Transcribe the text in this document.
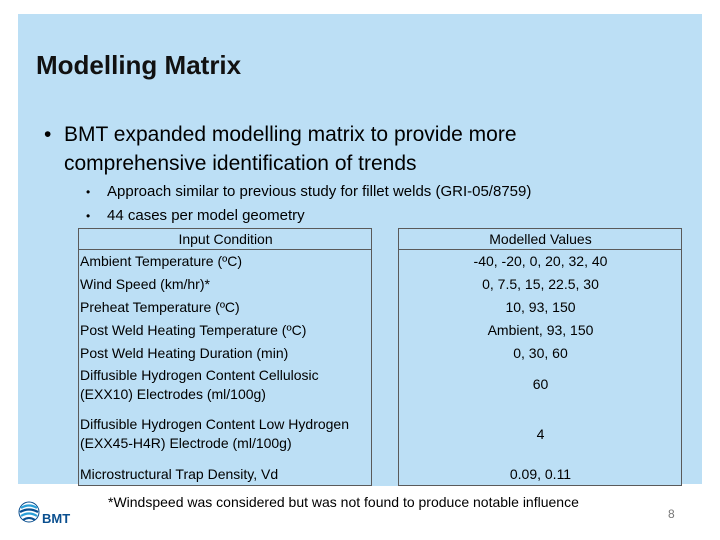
Modelling Matrix
• BMT expanded modelling matrix to provide more comprehensive identification of trends
• Approach similar to previous study for fillet welds (GRI-05/8759)
• 44 cases per model geometry
Input Condition		Modelled Values
Ambient Temperature (ºC)		-40, -20, 0, 20, 32, 40
Wind Speed (km/hr)*		0, 7.5, 15, 22.5, 30
Preheat Temperature (ºC)		10, 93, 150
Post Weld Heating Temperature (ºC)		Ambient, 93, 150
Post Weld Heating Duration (min)		0, 30, 60
Diffusible Hydrogen Content Cellulosic (EXX10) Electrodes (ml/100g)		60
Diffusible Hydrogen Content Low Hydrogen (EXX45-H4R) Electrode (ml/100g)		4
Microstructural Trap Density, Vd		0.09, 0.11
*Windspeed was considered but was not found to produce notable influence
BMT	8
